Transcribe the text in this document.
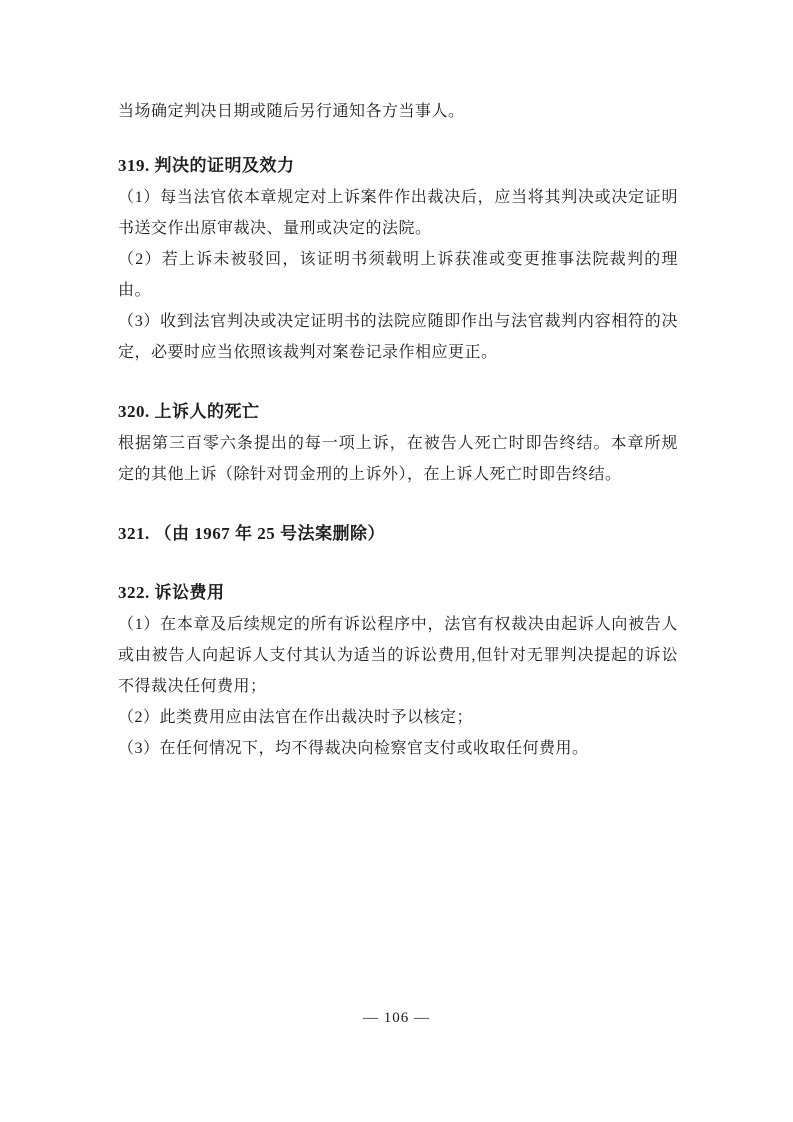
当场确定判决日期或随后另行通知各方当事人。

319. 判决的证明及效力

（1）每当法官依本章规定对上诉案件作出裁决后，应当将其判决或决定证明书送交作出原审裁决、量刑或决定的法院。

（2）若上诉未被驳回，该证明书须载明上诉获准或变更推事法院裁判的理由。

（3）收到法官判决或决定证明书的法院应随即作出与法官裁判内容相符的决定，必要时应当依照该裁判对案卷记录作相应更正。

320. 上诉人的死亡

根据第三百零六条提出的每一项上诉，在被告人死亡时即告终结。本章所规定的其他上诉（除针对罚金刑的上诉外），在上诉人死亡时即告终结。

321. （由 1967 年 25 号法案删除）
322. 诉讼费用

（1）在本章及后续规定的所有诉讼程序中，法官有权裁决由起诉人向被告人或由被告人向起诉人支付其认为适当的诉讼费用,但针对无罪判决提起的诉讼不得裁决任何费用；

（2）此类费用应由法官在作出裁决时予以核定；

（3）在任何情况下，均不得裁决向检察官支付或收取任何费用。

— 106 —
